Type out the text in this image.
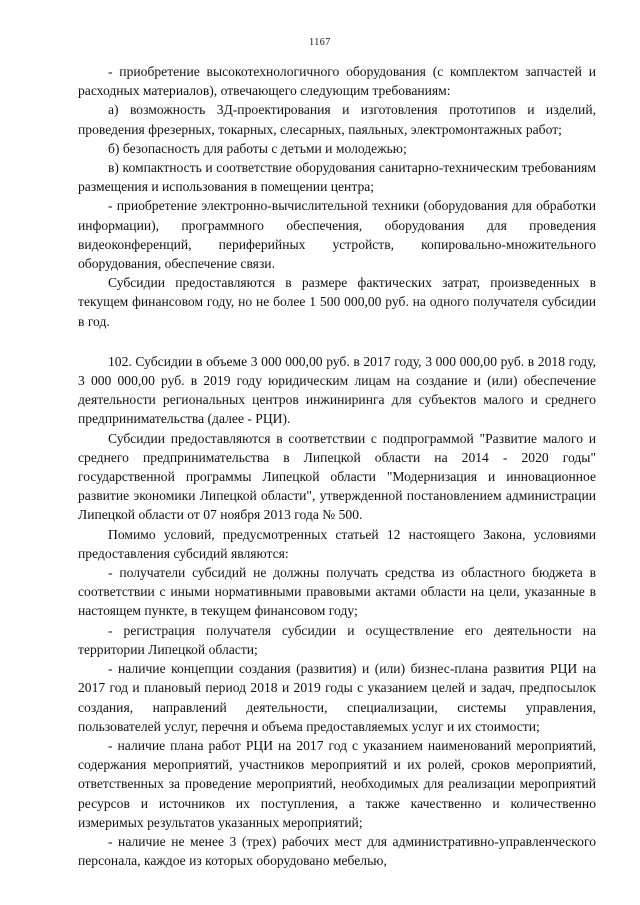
1167

- приобретение высокотехнологичного оборудования (с комплектом запчастей и расходных материалов), отвечающего следующим требованиям:

а) возможность 3Д-проектирования и изготовления прототипов и изделий, проведения фрезерных, токарных, слесарных, паяльных, электромонтажных работ;

б) безопасность для работы с детьми и молодежью;

в) компактность и соответствие оборудования санитарно-техническим требованиям размещения и использования в помещении центра;

- приобретение электронно-вычислительной техники (оборудования для обработки информации), программного обеспечения, оборудования для проведения видеоконференций, периферийных устройств, копировально-множительного оборудования, обеспечение связи.

Субсидии предоставляются в размере фактических затрат, произведенных в текущем финансовом году, но не более 1 500 000,00 руб. на одного получателя субсидии в год.

102. Субсидии в объеме 3 000 000,00 руб. в 2017 году, 3 000 000,00 руб. в 2018 году, 3 000 000,00 руб. в 2019 году юридическим лицам на создание и (или) обеспечение деятельности региональных центров инжиниринга для субъектов малого и среднего предпринимательства (далее - РЦИ).

Субсидии предоставляются в соответствии с подпрограммой "Развитие малого и среднего предпринимательства в Липецкой области на 2014 - 2020 годы" государственной программы Липецкой области "Модернизация и инновационное развитие экономики Липецкой области", утвержденной постановлением администрации Липецкой области от 07 ноября 2013 года № 500.

Помимо условий, предусмотренных статьей 12 настоящего Закона, условиями предоставления субсидий являются:

- получатели субсидий не должны получать средства из областного бюджета в соответствии с иными нормативными правовыми актами области на цели, указанные в настоящем пункте, в текущем финансовом году;

- регистрация получателя субсидии и осуществление его деятельности на территории Липецкой области;

- наличие концепции создания (развития) и (или) бизнес-плана развития РЦИ на 2017 год и плановый период 2018 и 2019 годы с указанием целей и задач, предпосылок создания, направлений деятельности, специализации, системы управления, пользователей услуг, перечня и объема предоставляемых услуг и их стоимости;

- наличие плана работ РЦИ на 2017 год с указанием наименований мероприятий, содержания мероприятий, участников мероприятий и их ролей, сроков мероприятий, ответственных за проведение мероприятий, необходимых для реализации мероприятий ресурсов и источников их поступления, а также качественно и количественно измеримых результатов указанных мероприятий;

- наличие не менее 3 (трех) рабочих мест для административно-управленческого персонала, каждое из которых оборудовано мебелью,
